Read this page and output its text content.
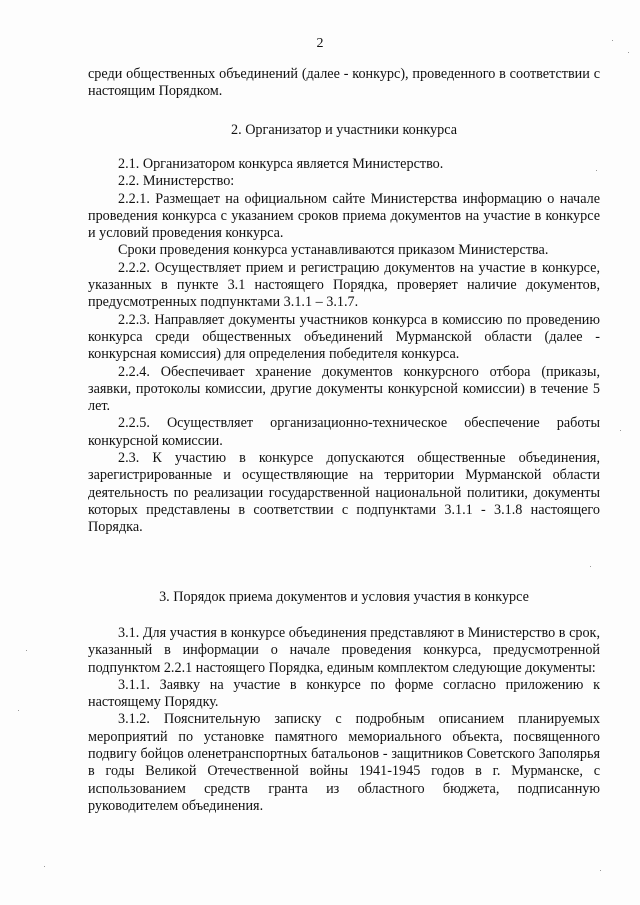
2

среди общественных объединений (далее - конкурс), проведенного в соответствии с настоящим Порядком.

2. Организатор и участники конкурса

2.1. Организатором конкурса является Министерство.

2.2. Министерство:

2.2.1. Размещает на официальном сайте Министерства информацию о начале проведения конкурса с указанием сроков приема документов на участие в конкурсе и условий проведения конкурса.

Сроки проведения конкурса устанавливаются приказом Министерства.

2.2.2. Осуществляет прием и регистрацию документов на участие в конкурсе, указанных в пункте 3.1 настоящего Порядка, проверяет наличие документов, предусмотренных подпунктами 3.1.1 – 3.1.7.

2.2.3. Направляет документы участников конкурса в комиссию по проведению конкурса среди общественных объединений Мурманской области (далее - конкурсная комиссия) для определения победителя конкурса.

2.2.4. Обеспечивает хранение документов конкурсного отбора (приказы, заявки, протоколы комиссии, другие документы конкурсной комиссии) в течение 5 лет.

2.2.5. Осуществляет организационно-техническое обеспечение работы конкурсной комиссии.

2.3. К участию в конкурсе допускаются общественные объединения, зарегистрированные и осуществляющие на территории Мурманской области деятельность по реализации государственной национальной политики, документы которых представлены в соответствии с подпунктами 3.1.1 - 3.1.8 настоящего Порядка.

3. Порядок приема документов и условия участия в конкурсе

3.1. Для участия в конкурсе объединения представляют в Министерство в срок, указанный в информации о начале проведения конкурса, предусмотренной подпунктом 2.2.1 настоящего Порядка, единым комплектом следующие документы:

3.1.1. Заявку на участие в конкурсе по форме согласно приложению к настоящему Порядку.

3.1.2. Пояснительную записку с подробным описанием планируемых мероприятий по установке памятного мемориального объекта, посвященного подвигу бойцов оленетранспортных батальонов - защитников Советского Заполярья в годы Великой Отечественной войны 1941-1945 годов в г. Мурманске, с использованием средств гранта из областного бюджета, подписанную руководителем объединения.
